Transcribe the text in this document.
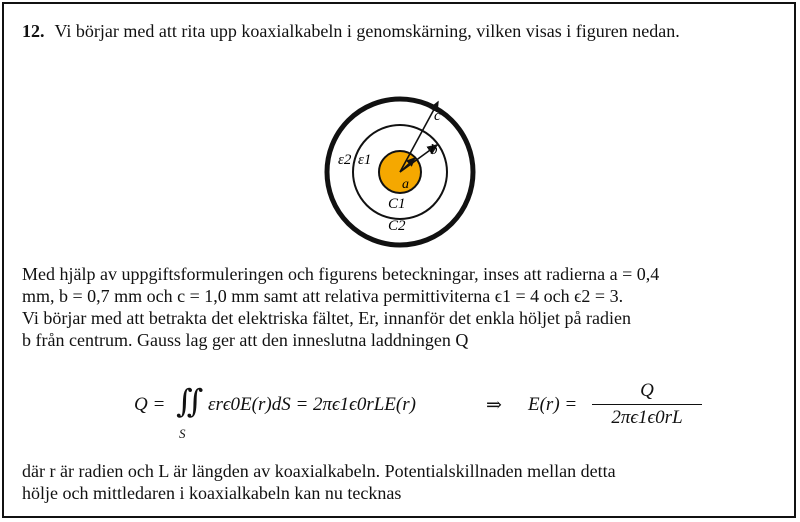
12. Vi börjar med att rita upp koaxialkabeln i genomskärning, vilken visas i figuren nedan.
ε2 ε1
a
b
c
C1
C2
Med hjälp av uppgiftsformuleringen och figurens beteckningar, inses att radierna a = 0,4
mm, b = 0,7 mm och c = 1,0 mm samt att relativa permittiviterna ϵ1 = 4 och ϵ2 = 3.
Vi börjar med att betrakta det elektriska fältet, Er, innanför det enkla höljet på radien
b från centrum. Gauss lag ger att den inneslutna laddningen Q
Q = ∬
S
εrϵ0E(r)dS = 2πϵ1ϵ0rLE(r)	⇒ E(r) =
Q
2πϵ1ϵ0rL
där r är radien och L är längden av koaxialkabeln. Potentialskillnaden mellan detta
hölje och mittledaren i koaxialkabeln kan nu tecknas
